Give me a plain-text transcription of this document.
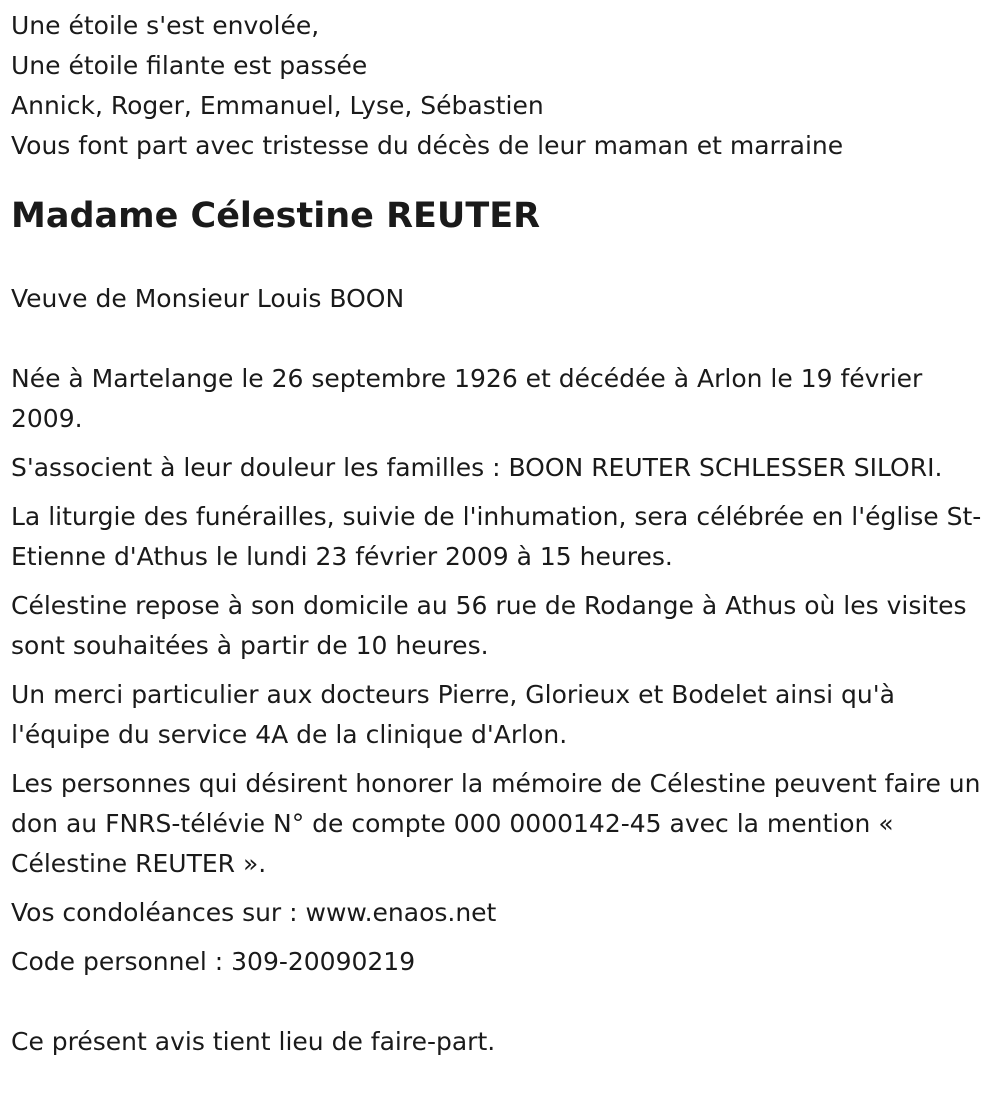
Une étoile s'est envolée,

Une étoile filante est passée

Annick, Roger, Emmanuel, Lyse, Sébastien

Vous font part avec tristesse du décès de leur maman et marraine

Madame Célestine REUTER

Veuve de Monsieur Louis BOON

Née à Martelange le 26 septembre 1926 et décédée à Arlon le 19 février 2009.

S'associent à leur douleur les familles : BOON REUTER SCHLESSER SILORI.

La liturgie des funérailles, suivie de l'inhumation, sera célébrée en l'église St-Etienne d'Athus le lundi 23 février 2009 à 15 heures.

Célestine repose à son domicile au 56 rue de Rodange à Athus où les visites sont souhaitées à partir de 10 heures.

Un merci particulier aux docteurs Pierre, Glorieux et Bodelet ainsi qu'à l'équipe du service 4A de la clinique d'Arlon.

Les personnes qui désirent honorer la mémoire de Célestine peuvent faire un don au FNRS-télévie N° de compte 000 0000142-45 avec la mention « Célestine REUTER ».

Vos condoléances sur : www.enaos.net

Code personnel : 309-20090219

Ce présent avis tient lieu de faire-part.
